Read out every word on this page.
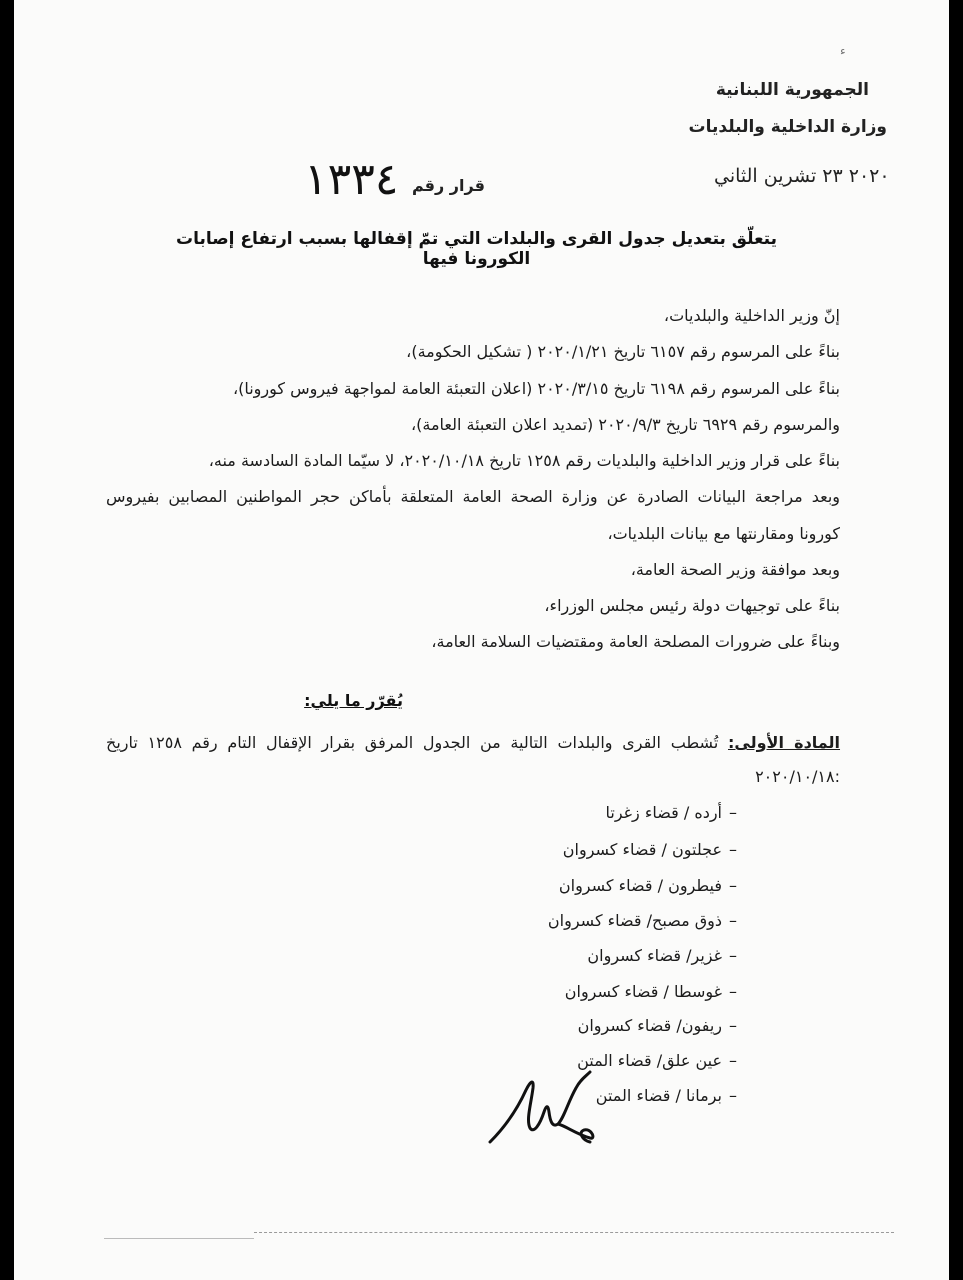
ء
الجمهورية اللبنانية
وزارة الداخلية والبلديات
٢٠٢٠ ٢٣ تشرين الثاني
١٣٣٤ قرار رقم
يتعلّق بتعديل جدول القرى والبلدات التي تمّ إقفالها بسبب ارتفاع إصابات الكورونا فيها
إنّ وزير الداخلية والبلديات،
بناءً على المرسوم رقم ٦١٥٧ تاريخ ٢٠٢٠/١/٢١ ( تشكيل الحكومة)،
بناءً على المرسوم رقم ٦١٩٨ تاريخ ٢٠٢٠/٣/١٥ (اعلان التعبئة العامة لمواجهة فيروس كورونا)،
والمرسوم رقم ٦٩٢٩ تاريخ ٢٠٢٠/٩/٣ (تمديد اعلان التعبئة العامة)،
بناءً على قرار وزير الداخلية والبلديات رقم ١٢٥٨ تاريخ ٢٠٢٠/١٠/١٨، لا سيّما المادة السادسة منه،
وبعد مراجعة البيانات الصادرة عن وزارة الصحة العامة المتعلقة بأماكن حجر المواطنين المصابين بفيروس
كورونا ومقارنتها مع بيانات البلديات،
وبعد موافقة وزير الصحة العامة،
بناءً على توجيهات دولة رئيس مجلس الوزراء،
وبناءً على ضرورات المصلحة العامة ومقتضيات السلامة العامة،
يُقرّر ما يلي:
المادة الأولى: تُشطب القرى والبلدات التالية من الجدول المرفق بقرار الإقفال التام رقم ١٢٥٨ تاريخ
٢٠٢٠/١٠/١٨:
–أرده / قضاء زغرتا
–عجلتون / قضاء كسروان
–فيطرون / قضاء كسروان
–ذوق مصبح/ قضاء كسروان
–غزير/ قضاء كسروان
–غوسطا / قضاء كسروان
–ريفون/ قضاء كسروان
–عين علق/ قضاء المتن
–برمانا / قضاء المتن
